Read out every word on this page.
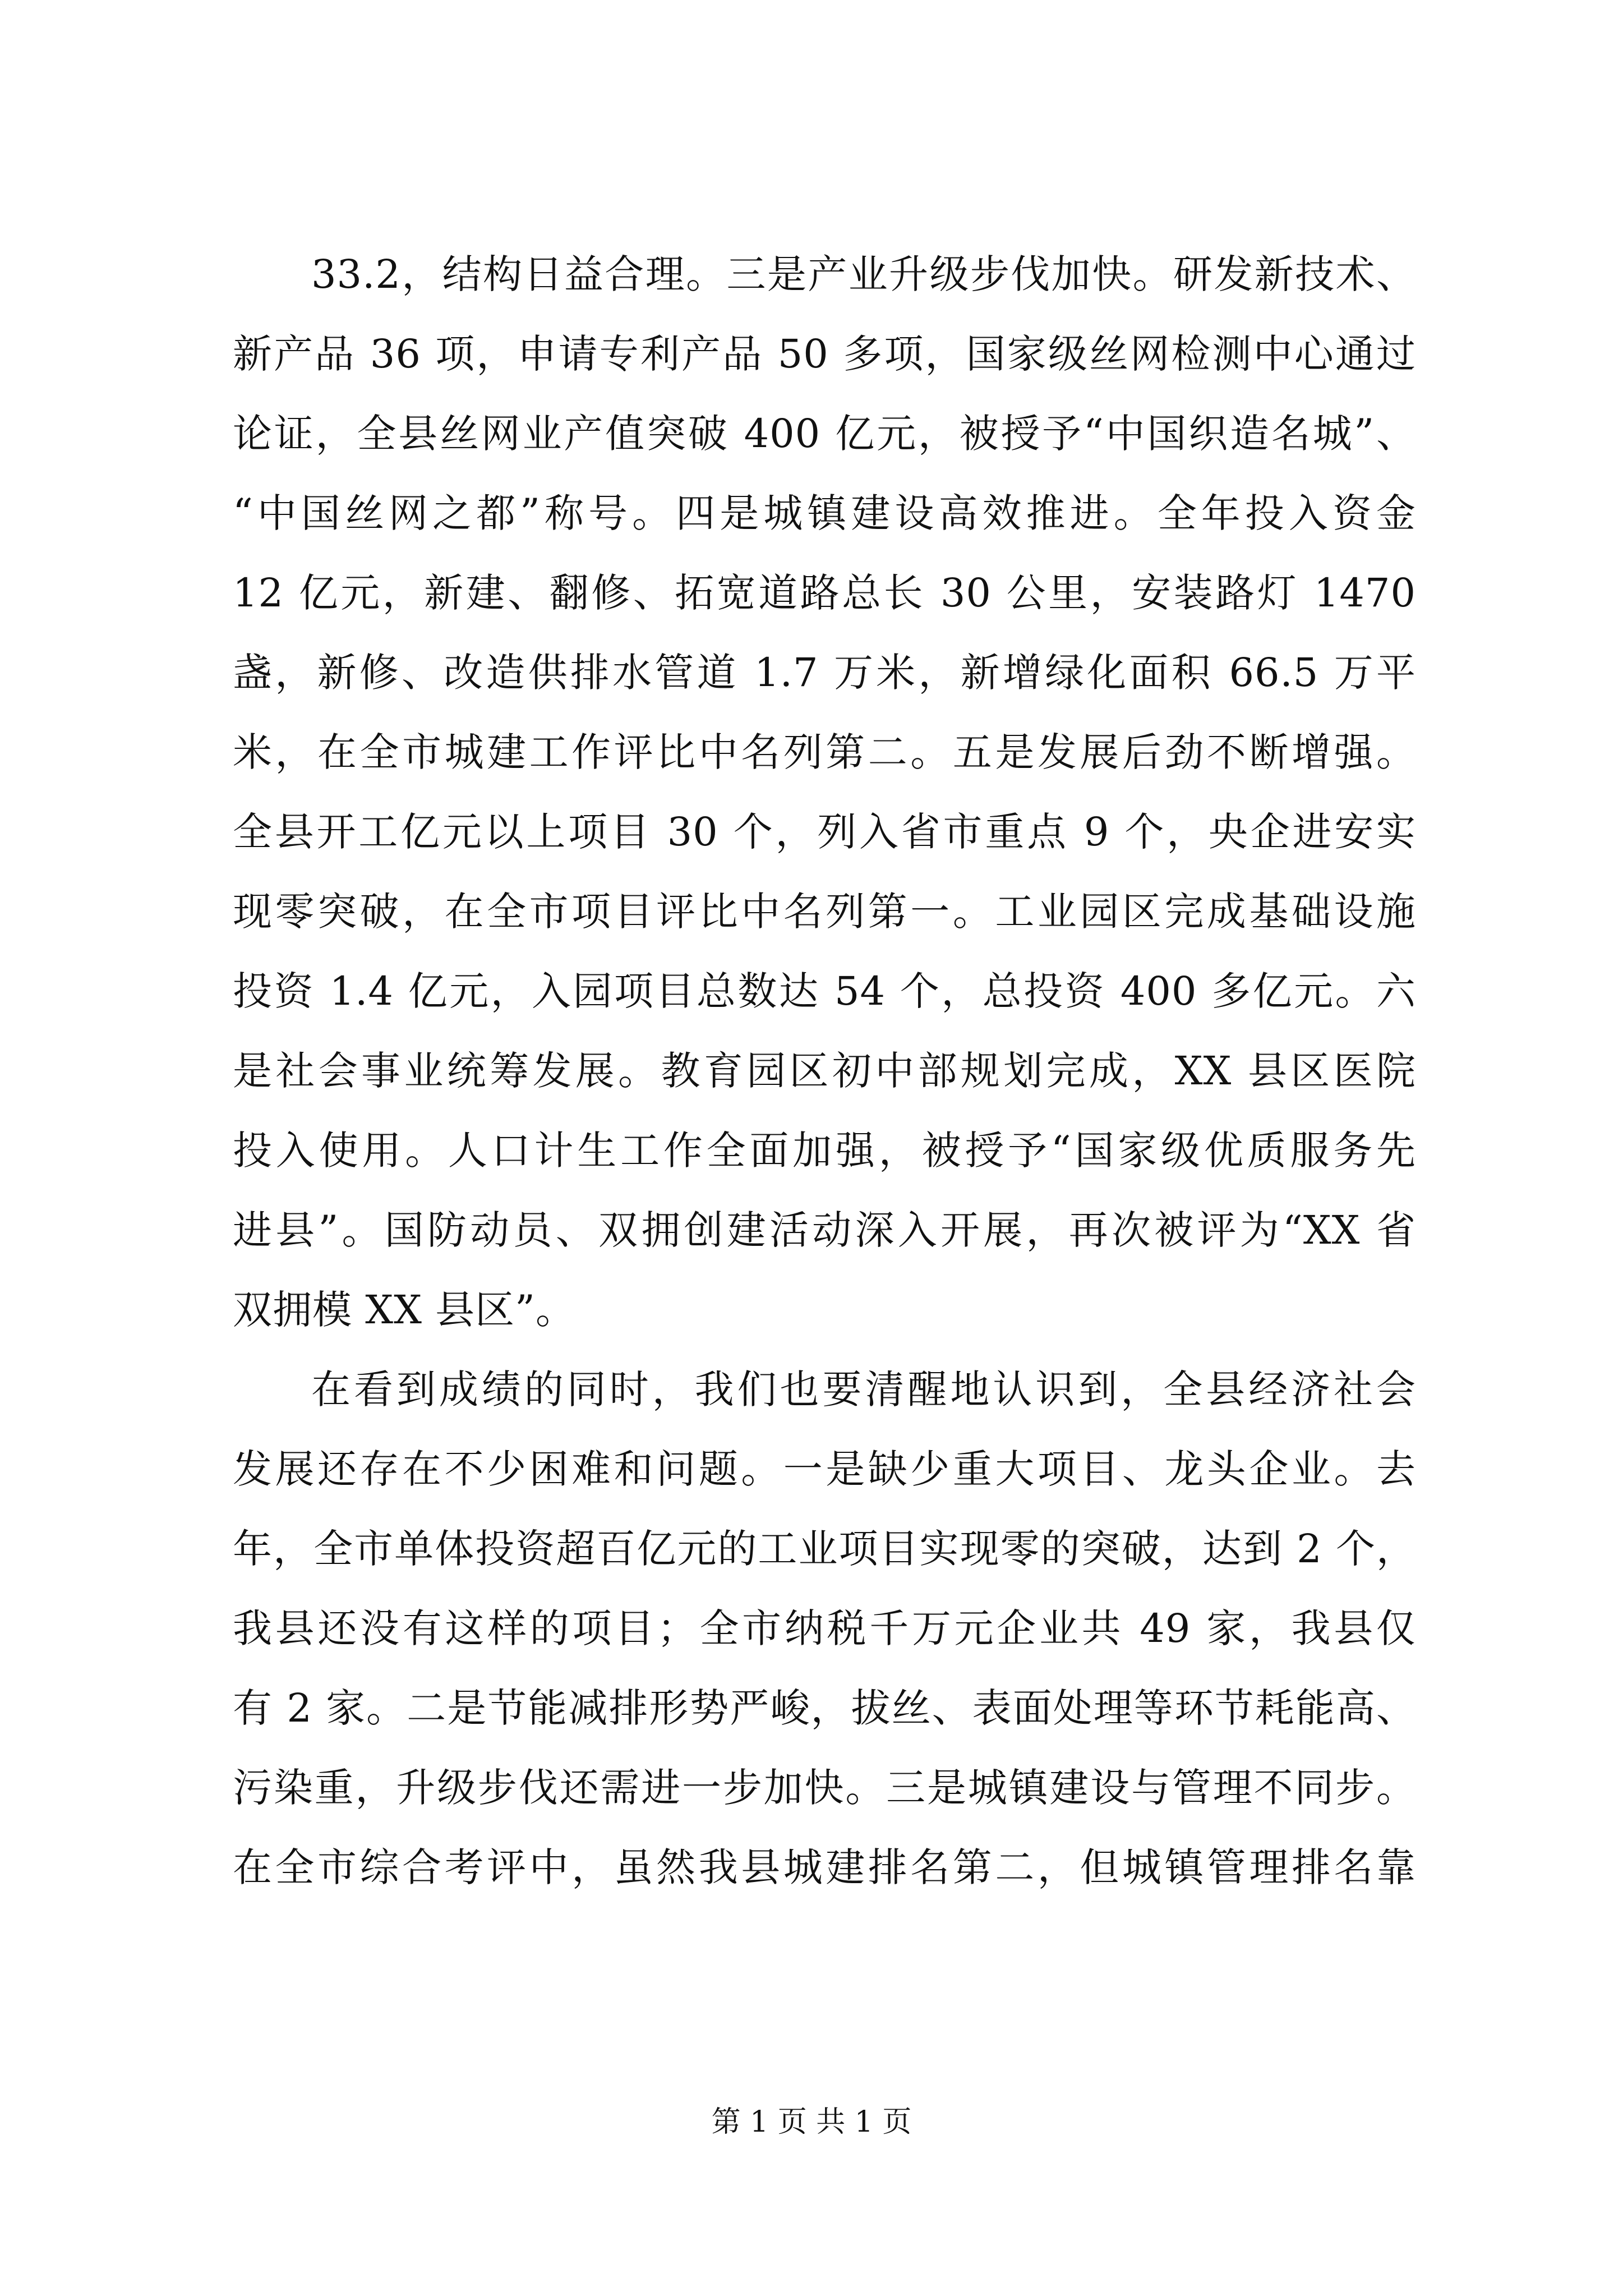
33.2，结构日益合理。三是产业升级步伐加快。研发新技术、
新产品 36 项，申请专利产品 50 多项，国家级丝网检测中心通过
论证，全县丝网业产值突破 400 亿元，被授予“中国织造名城”、
“中国丝网之都”称号。四是城镇建设高效推进。全年投入资金
12 亿元，新建、翻修、拓宽道路总长 30 公里，安装路灯 1470
盏，新修、改造供排水管道 1.7 万米，新增绿化面积 66.5 万平
米，在全市城建工作评比中名列第二。五是发展后劲不断增强。
全县开工亿元以上项目 30 个，列入省市重点 9 个，央企进安实
现零突破，在全市项目评比中名列第一。工业园区完成基础设施
投资 1.4 亿元，入园项目总数达 54 个，总投资 400 多亿元。六
是社会事业统筹发展。教育园区初中部规划完成，XX 县区医院
投入使用。人口计生工作全面加强，被授予“国家级优质服务先
进县”。国防动员、双拥创建活动深入开展，再次被评为“XX 省
双拥模 XX 县区”。
在看到成绩的同时，我们也要清醒地认识到，全县经济社会
发展还存在不少困难和问题。一是缺少重大项目、龙头企业。去
年，全市单体投资超百亿元的工业项目实现零的突破，达到 2 个，
我县还没有这样的项目；全市纳税千万元企业共 49 家，我县仅
有 2 家。二是节能减排形势严峻，拔丝、表面处理等环节耗能高、
污染重，升级步伐还需进一步加快。三是城镇建设与管理不同步。
在全市综合考评中，虽然我县城建排名第二，但城镇管理排名靠
第 1 页 共 1 页
